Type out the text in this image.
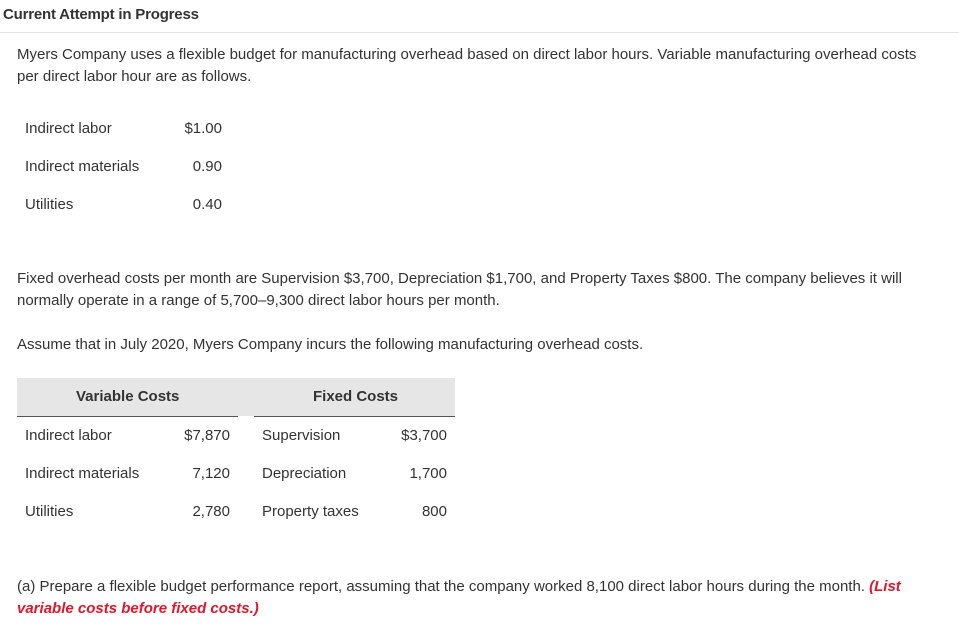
Current Attempt in Progress
Myers Company uses a flexible budget for manufacturing overhead based on direct labor hours. Variable manufacturing overhead costs per direct labor hour are as follows.
Indirect labor	$1.00
Indirect materials	0.90
Utilities	0.40
Fixed overhead costs per month are Supervision $3,700, Depreciation $1,700, and Property Taxes $800. The company believes it will normally operate in a range of 5,700–9,300 direct labor hours per month.
Assume that in July 2020, Myers Company incurs the following manufacturing overhead costs.
Variable Costs	Fixed Costs
Indirect labor	$7,870 Supervision	$3,700
Indirect materials	7,120 Depreciation	1,700
Utilities	2,780 Property taxes	800
(a) Prepare a flexible budget performance report, assuming that the company worked 8,100 direct labor hours during the month. (List variable costs before fixed costs.)
